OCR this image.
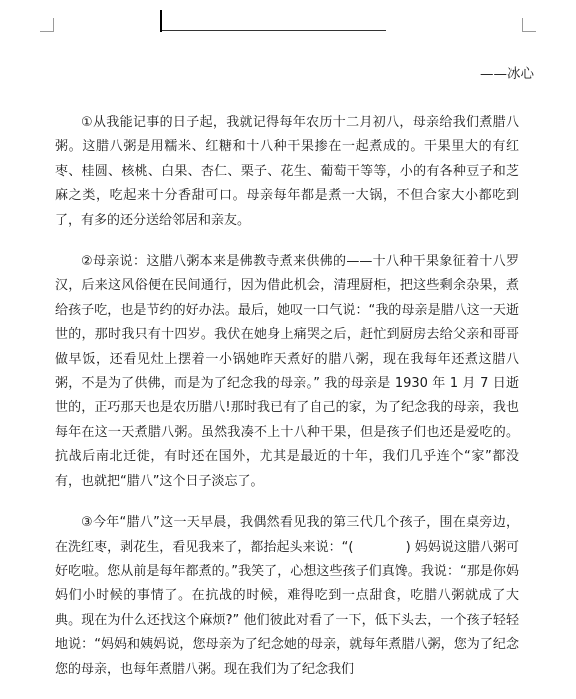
——冰心

①从我能记事的日子起，我就记得每年农历十二月初八，母亲给我们煮腊八粥。这腊八粥是用糯米、红糖和十八种干果掺在一起煮成的。干果里大的有红枣、桂圆、核桃、白果、杏仁、栗子、花生、葡萄干等等，小的有各种豆子和芝麻之类，吃起来十分香甜可口。母亲每年都是煮一大锅，不但合家大小都吃到了，有多的还分送给邻居和亲友。

②母亲说：这腊八粥本来是佛教寺煮来供佛的——十八种干果象征着十八罗汉，后来这风俗便在民间通行，因为借此机会，清理厨柜，把这些剩余杂果，煮给孩子吃，也是节约的好办法。最后，她叹一口气说：“我的母亲是腊八这一天逝世的，那时我只有十四岁。我伏在她身上痛哭之后，赶忙到厨房去给父亲和哥哥做早饭，还看见灶上摆着一小锅她昨天煮好的腊八粥，现在我每年还煮这腊八粥，不是为了供佛，而是为了纪念我的母亲。” 我的母亲是 1930 年 1 月 7 日逝世的，正巧那天也是农历腊八!那时我已有了自己的家，为了纪念我的母亲，我也每年在这一天煮腊八粥。虽然我凑不上十八种干果，但是孩子们也还是爱吃的。抗战后南北迁徙，有时还在国外，尤其是最近的十年，我们几乎连个“家”都没有，也就把“腊八”这个日子淡忘了。

③今年“腊八”这一天早晨，我偶然看见我的第三代几个孩子，围在桌旁边，在洗红枣，剥花生，看见我来了，都抬起头来说：“(　　　　) 妈妈说这腊八粥可好吃啦。您从前是每年都煮的。”我笑了，心想这些孩子们真馋。我说：“那是你妈妈们小时候的事情了。在抗战的时候，难得吃到一点甜食，吃腊八粥就成了大典。现在为什么还找这个麻烦?” 他们彼此对看了一下，低下头去，一个孩子轻轻地说：“妈妈和姨妈说，您母亲为了纪念她的母亲，就每年煮腊八粥，您为了纪念您的母亲，也每年煮腊八粥。现在我们为了纪念我们
